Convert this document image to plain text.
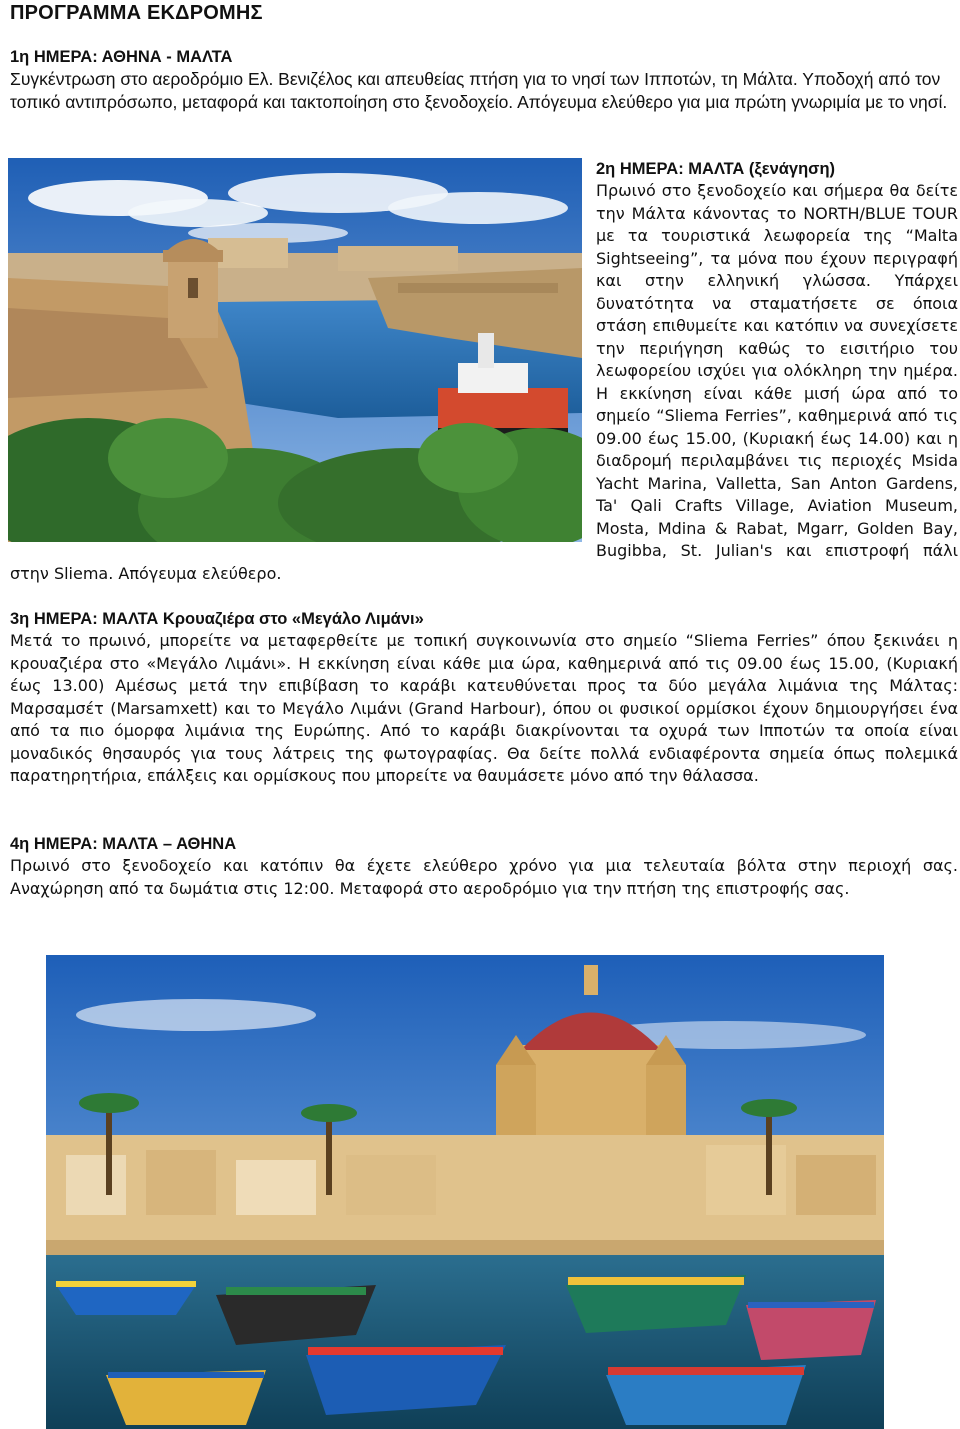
ΠΡΟΓΡΑΜΜΑ ΕΚΔΡΟΜΗΣ
1η ΗΜΕΡΑ: ΑΘΗΝΑ - ΜΑΛΤΑ

Συγκέντρωση στο αεροδρόμιο Ελ. Βενιζέλος και απευθείας πτήση για το νησί των Ιπποτών, τη Μάλτα. Υποδοχή από τον τοπικό αντιπρόσωπο, μεταφορά και τακτοποίηση στο ξενοδοχείο. Απόγευμα ελεύθερο για μια πρώτη γνωριμία με το νησί.

2η ΗΜΕΡΑ: ΜΑΛΤΑ (ξενάγηση)

Πρωινό στο ξενοδοχείο και σήμερα θα δείτε την Μάλτα κάνοντας το NORTH/BLUE TOUR με τα τουριστικά λεωφορεία της “Malta Sightseeing”, τα μόνα που έχουν περιγραφή και στην ελληνική γλώσσα. Υπάρχει δυνατότητα να σταματήσετε σε όποια στάση επιθυμείτε και κατόπιν να συνεχίσετε την περιήγηση καθώς το εισιτήριο του λεωφορείου ισχύει για ολόκληρη την ημέρα. Η εκκίνηση είναι κάθε μισή ώρα από το σημείο “Sliema Ferries”, καθημερινά από τις 09.00 έως 15.00, (Κυριακή έως 14.00) και η διαδρομή περιλαμβάνει τις περιοχές Msida Yacht Marina, Valletta, San Anton Gardens, Ta' Qali Crafts Village, Aviation Museum, Mosta, Mdina & Rabat, Mgarr, Golden Bay, Bugibba, St. Julian's και επιστροφή πάλι στην Sliema. Απόγευμα ελεύθερο.

3η ΗΜΕΡΑ: ΜΑΛΤΑ Κρουαζιέρα στο «Μεγάλο Λιμάνι»

Μετά το πρωινό, μπορείτε να μεταφερθείτε με τοπική συγκοινωνία στο σημείο “Sliema Ferries” όπου ξεκινάει η κρουαζιέρα στο «Μεγάλο Λιμάνι». Η εκκίνηση είναι κάθε μια ώρα, καθημερινά από τις 09.00 έως 15.00, (Κυριακή έως 13.00) Αμέσως μετά την επιβίβαση το καράβι κατευθύνεται προς τα δύο μεγάλα λιμάνια της Μάλτας: Μαρσαμσέτ (Marsamxett) και το Μεγάλο Λιμάνι (Grand Harbour), όπου οι φυσικοί ορμίσκοι έχουν δημιουργήσει ένα από τα πιο όμορφα λιμάνια της Ευρώπης. Από το καράβι διακρίνονται τα οχυρά των Ιπποτών τα οποία είναι μοναδικός θησαυρός για τους λάτρεις της φωτογραφίας. Θα δείτε πολλά ενδιαφέροντα σημεία όπως πολεμικά παρατηρητήρια, επάλξεις και ορμίσκους που μπορείτε να θαυμάσετε μόνο από την θάλασσα.

4η ΗΜΕΡΑ: ΜΑΛΤΑ – ΑΘΗΝΑ

Πρωινό στο ξενοδοχείο και κατόπιν θα έχετε ελεύθερο χρόνο για μια τελευταία βόλτα στην περιοχή σας. Αναχώρηση από τα δωμάτια στις 12:00. Μεταφορά στο αεροδρόμιο για την πτήση της επιστροφής σας.
